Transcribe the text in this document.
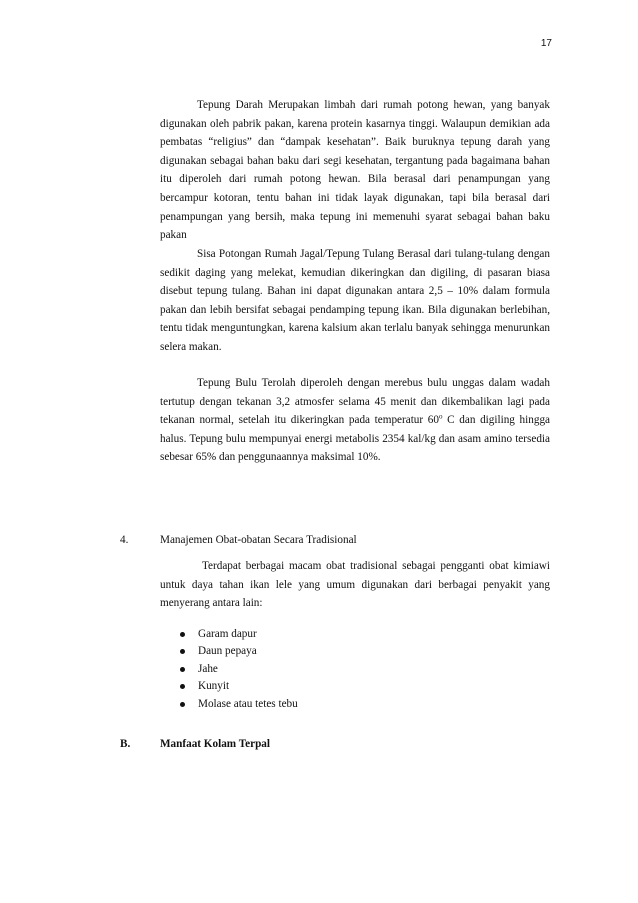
17

Tepung Darah Merupakan limbah dari rumah potong hewan, yang banyak digunakan oleh pabrik pakan, karena protein kasarnya tinggi. Walaupun demikian ada pembatas “religius” dan “dampak kesehatan”. Baik buruknya tepung darah yang digunakan sebagai bahan baku dari segi kesehatan, tergantung pada bagaimana bahan itu diperoleh dari rumah potong hewan. Bila berasal dari penampungan yang bercampur kotoran, tentu bahan ini tidak layak digunakan, tapi bila berasal dari penampungan yang bersih, maka tepung ini memenuhi syarat sebagai bahan baku pakan

Sisa Potongan Rumah Jagal/Tepung Tulang Berasal dari tulang-tulang dengan sedikit daging yang melekat, kemudian dikeringkan dan digiling, di pasaran biasa disebut tepung tulang. Bahan ini dapat digunakan antara 2,5 – 10% dalam formula pakan dan lebih bersifat sebagai pendamping tepung ikan. Bila digunakan berlebihan, tentu tidak menguntungkan, karena kalsium akan terlalu banyak sehingga menurunkan selera makan.

Tepung Bulu Terolah diperoleh dengan merebus bulu unggas dalam wadah tertutup dengan tekanan 3,2 atmosfer selama 45 menit dan dikembalikan lagi pada tekanan normal, setelah itu dikeringkan pada temperatur 60$^o$ C dan digiling hingga halus. Tepung bulu mempunyai energi metabolis 2354 kal/kg dan asam amino tersedia sebesar 65% dan penggunaannya maksimal 10%.

4.	Manajemen Obat-obatan Secara Tradisional

Terdapat berbagai macam obat tradisional sebagai pengganti obat kimiawi untuk daya tahan ikan lele yang umum digunakan dari berbagai penyakit yang menyerang antara lain:

Garam dapur
Daun pepaya
Jahe
Kunyit
Molase atau tetes tebu
B.	Manfaat Kolam Terpal
